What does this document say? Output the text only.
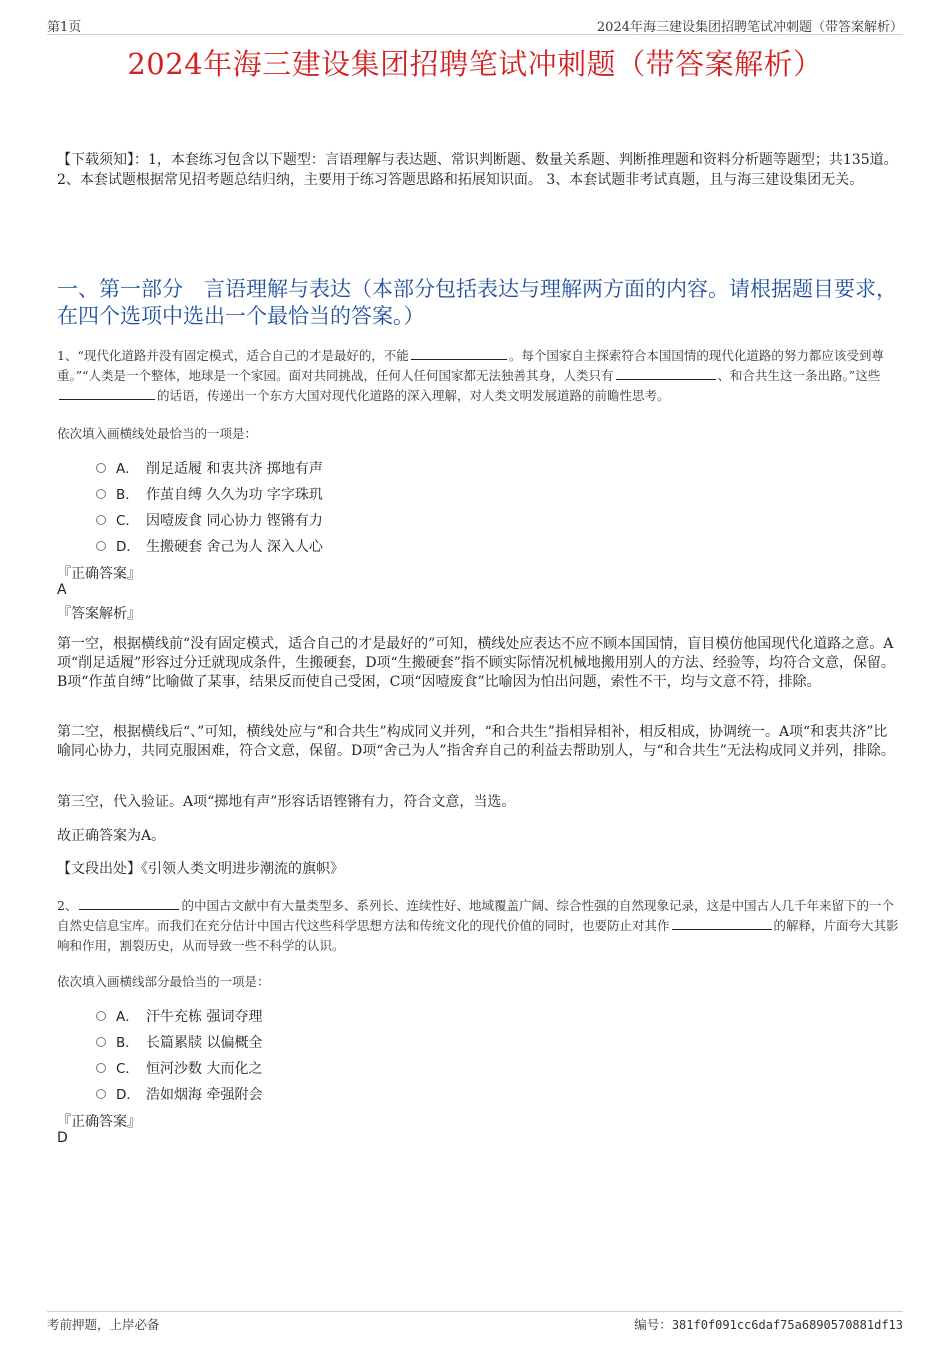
第1页	2024年海三建设集团招聘笔试冲刺题（带答案解析）
2024年海三建设集团招聘笔试冲刺题（带答案解析）
【下载须知】：1，本套练习包含以下题型：言语理解与表达题、常识判断题、数量关系题、判断推理题和资料分析题等题型；共135道。 2、本套试题根据常见招考题总结归纳，主要用于练习答题思路和拓展知识面。 3、本套试题非考试真题，且与海三建设集团无关。
一、第一部分　言语理解与表达（本部分包括表达与理解两方面的内容。请根据题目要求，在四个选项中选出一个最恰当的答案。）
1、“现代化道路并没有固定模式，适合自己的才是最好的，不能	。每个国家自主探索符合本国国情的现代化道路的努力都应该受到尊重。”“人类是一个整体，地球是一个家园。面对共同挑战，任何人任何国家都无法独善其身，人类只有	、和合共生这一条出路。”这些的话语，传递出一个东方大国对现代化道路的深入理解，对人类文明发展道路的前瞻性思考。
依次填入画横线处最恰当的一项是：
A． 削足适履 和衷共济 掷地有声
B． 作茧自缚 久久为功 字字珠玑
C． 因噎废食 同心协力 铿锵有力
D． 生搬硬套 舍己为人 深入人心
『正确答案』
A
『答案解析』
第一空，根据横线前“没有固定模式，适合自己的才是最好的”可知，横线处应表达不应不顾本国国情，盲目模仿他国现代化道路之意。A项“削足适履”形容过分迁就现成条件，生搬硬套，D项“生搬硬套”指不顾实际情况机械地搬用别人的方法、经验等，均符合文意，保留。B项“作茧自缚”比喻做了某事，结果反而使自己受困，C项“因噎废食”比喻因为怕出问题，索性不干，均与文意不符，排除。
第二空，根据横线后“、”可知，横线处应与“和合共生”构成同义并列，“和合共生”指相异相补，相反相成，协调统一。A项“和衷共济”比喻同心协力，共同克服困难，符合文意，保留。D项“舍己为人”指舍弃自己的利益去帮助别人，与“和合共生”无法构成同义并列，排除。
第三空，代入验证。A项“掷地有声”形容话语铿锵有力，符合文意，当选。
故正确答案为A。
【文段出处】《引领人类文明进步潮流的旗帜》
2、	的中国古文献中有大量类型多、系列长、连续性好、地域覆盖广阔、综合性强的自然现象记录，这是中国古人几千年来留下的一个自然史信息宝库。而我们在充分估计中国古代这些科学思想方法和传统文化的现代价值的同时，也要防止对其作	的解释，片面夸大其影响和作用，割裂历史，从而导致一些不科学的认识。
依次填入画横线部分最恰当的一项是：
A． 汗牛充栋 强词夺理
B． 长篇累牍 以偏概全
C． 恒河沙数 大而化之
D． 浩如烟海 牵强附会
『正确答案』
D
考前押题，上岸必备	编号：381f0f091cc6daf75a6890570881df13
